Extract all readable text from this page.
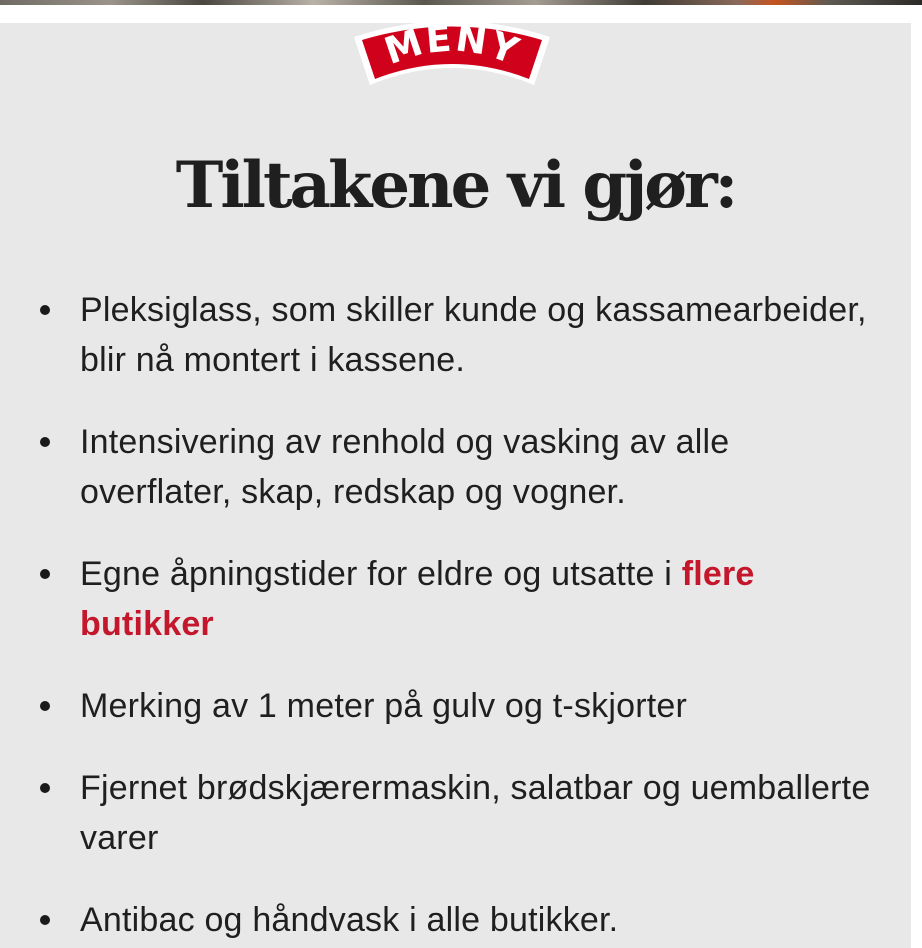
MENY
Tiltakene vi gjør:
Pleksiglass, som skiller kunde og kassamearbeider, blir nå montert i kassene.
Intensivering av renhold og vasking av alle overflater, skap, redskap og vogner.
Egne åpningstider for eldre og utsatte i flere butikker
Merking av 1 meter på gulv og t-skjorter
Fjernet brødskjærermaskin, salatbar og uemballerte varer
Antibac og håndvask i alle butikker.
